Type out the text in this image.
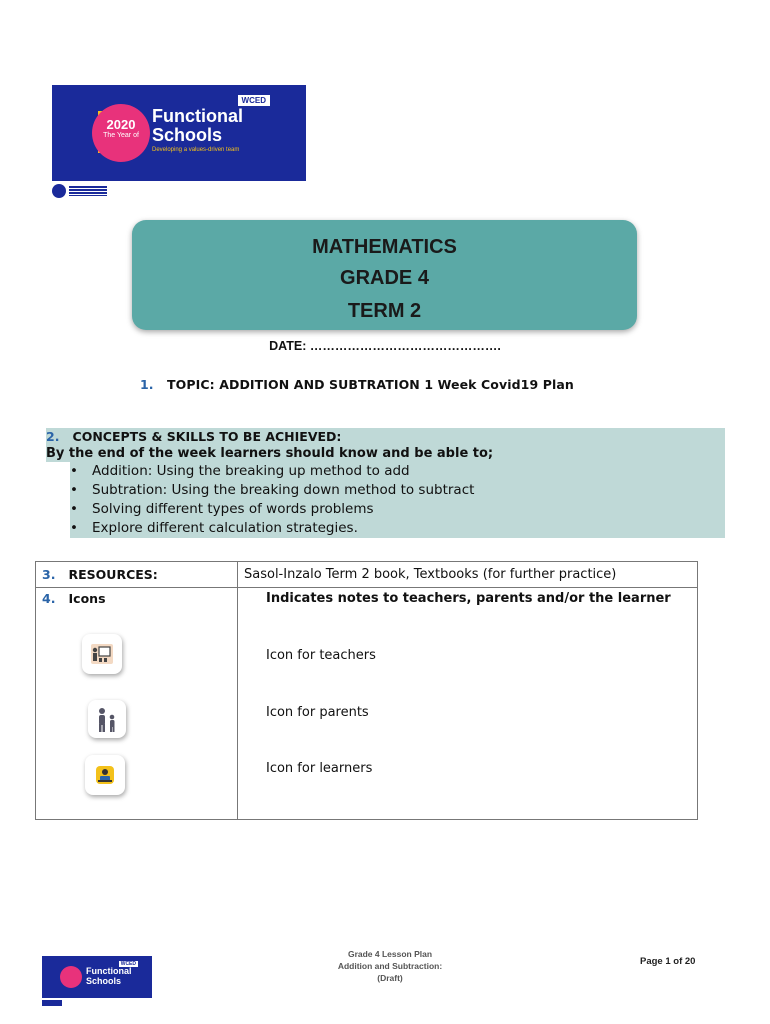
2020
The Year of
WCED
Functional
Schools
Developing a values-driven team
MATHEMATICS
GRADE 4
TERM 2
DATE: ……………………………………….
1. TOPIC: ADDITION AND SUBTRATION 1 Week Covid19 Plan
2. CONCEPTS & SKILLS TO BE ACHIEVED:
By the end of the week learners should know and be able to;
• Addition: Using the breaking up method to add
• Subtration: Using the breaking down method to subtract
• Solving different types of words problems
• Explore different calculation strategies.
3. RESOURCES:	Sasol-Inzalo Term 2 book, Textbooks (for further practice)
4. Icons	Indicates notes to teachers, parents and/or the learner
Icon for teachers
Icon for parents
Icon for learners
WCED
Functional
Schools
Grade 4 Lesson Plan
Addition and Subtraction:
(Draft)
Page 1 of 20
